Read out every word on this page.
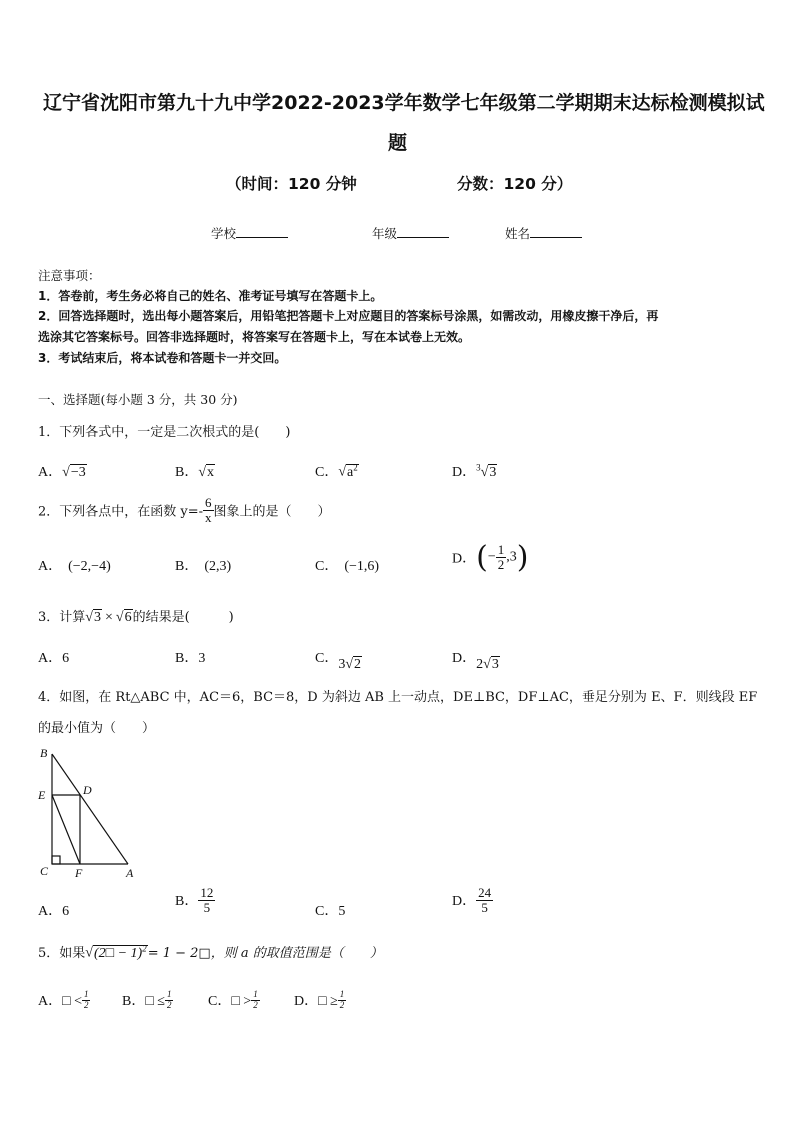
辽宁省沈阳市第九十九中学2022-2023学年数学七年级第二学期期末达标检测模拟试
题
（时间：120 分钟	分数：120 分）
学校	年级	姓名
注意事项：
1．答卷前，考生务必将自己的姓名、准考证号填写在答题卡上。
2．回答选择题时，选出每小题答案后，用铅笔把答题卡上对应题目的答案标号涂黑，如需改动，用橡皮擦干净后，再
选涂其它答案标号。回答非选择题时，将答案写在答题卡上，写在本试卷上无效。
3．考试结束后，将本试卷和答题卡一并交回。
一、选择题(每小题 3 分，共 30 分)
1．下列各式中，一定是二次根式的是(　　)
A．√−3	B．√x	C．$√a^2$	D．$^3$√3
2．下列各点中，在函数 $y=- \frac{6}{x}$ 图象上的是（　　）
A． (−2,−4)	B． (2,3)	C． (−1,6)	D．(− $\frac{1}{2} ,3$)
3．计算√3 × √6的结果是(　　　)
A．6	B．3	C．3√2	D．2√3
4．如图，在 Rt△ABC 中，AC＝6，BC＝8，D 为斜边 AB 上一动点，DE⊥BC，DF⊥AC，垂足分别为 E、F．则线段 EF
的最小值为（　　）
B
E	D
C F	A
A．6
B． $\frac{12}{5}$	C．5
D． $\frac{24}{5}$
5．如果√(2□ − 1)$^2$= 1 − 2□，则 a 的取值范围是（　　）
A．□ < $\frac{1}{2}$ B．□ ≤ $\frac{1}{2}$ C．□ > $\frac{1}{2}$ D．□ ≥ $\frac{1}{2}$
